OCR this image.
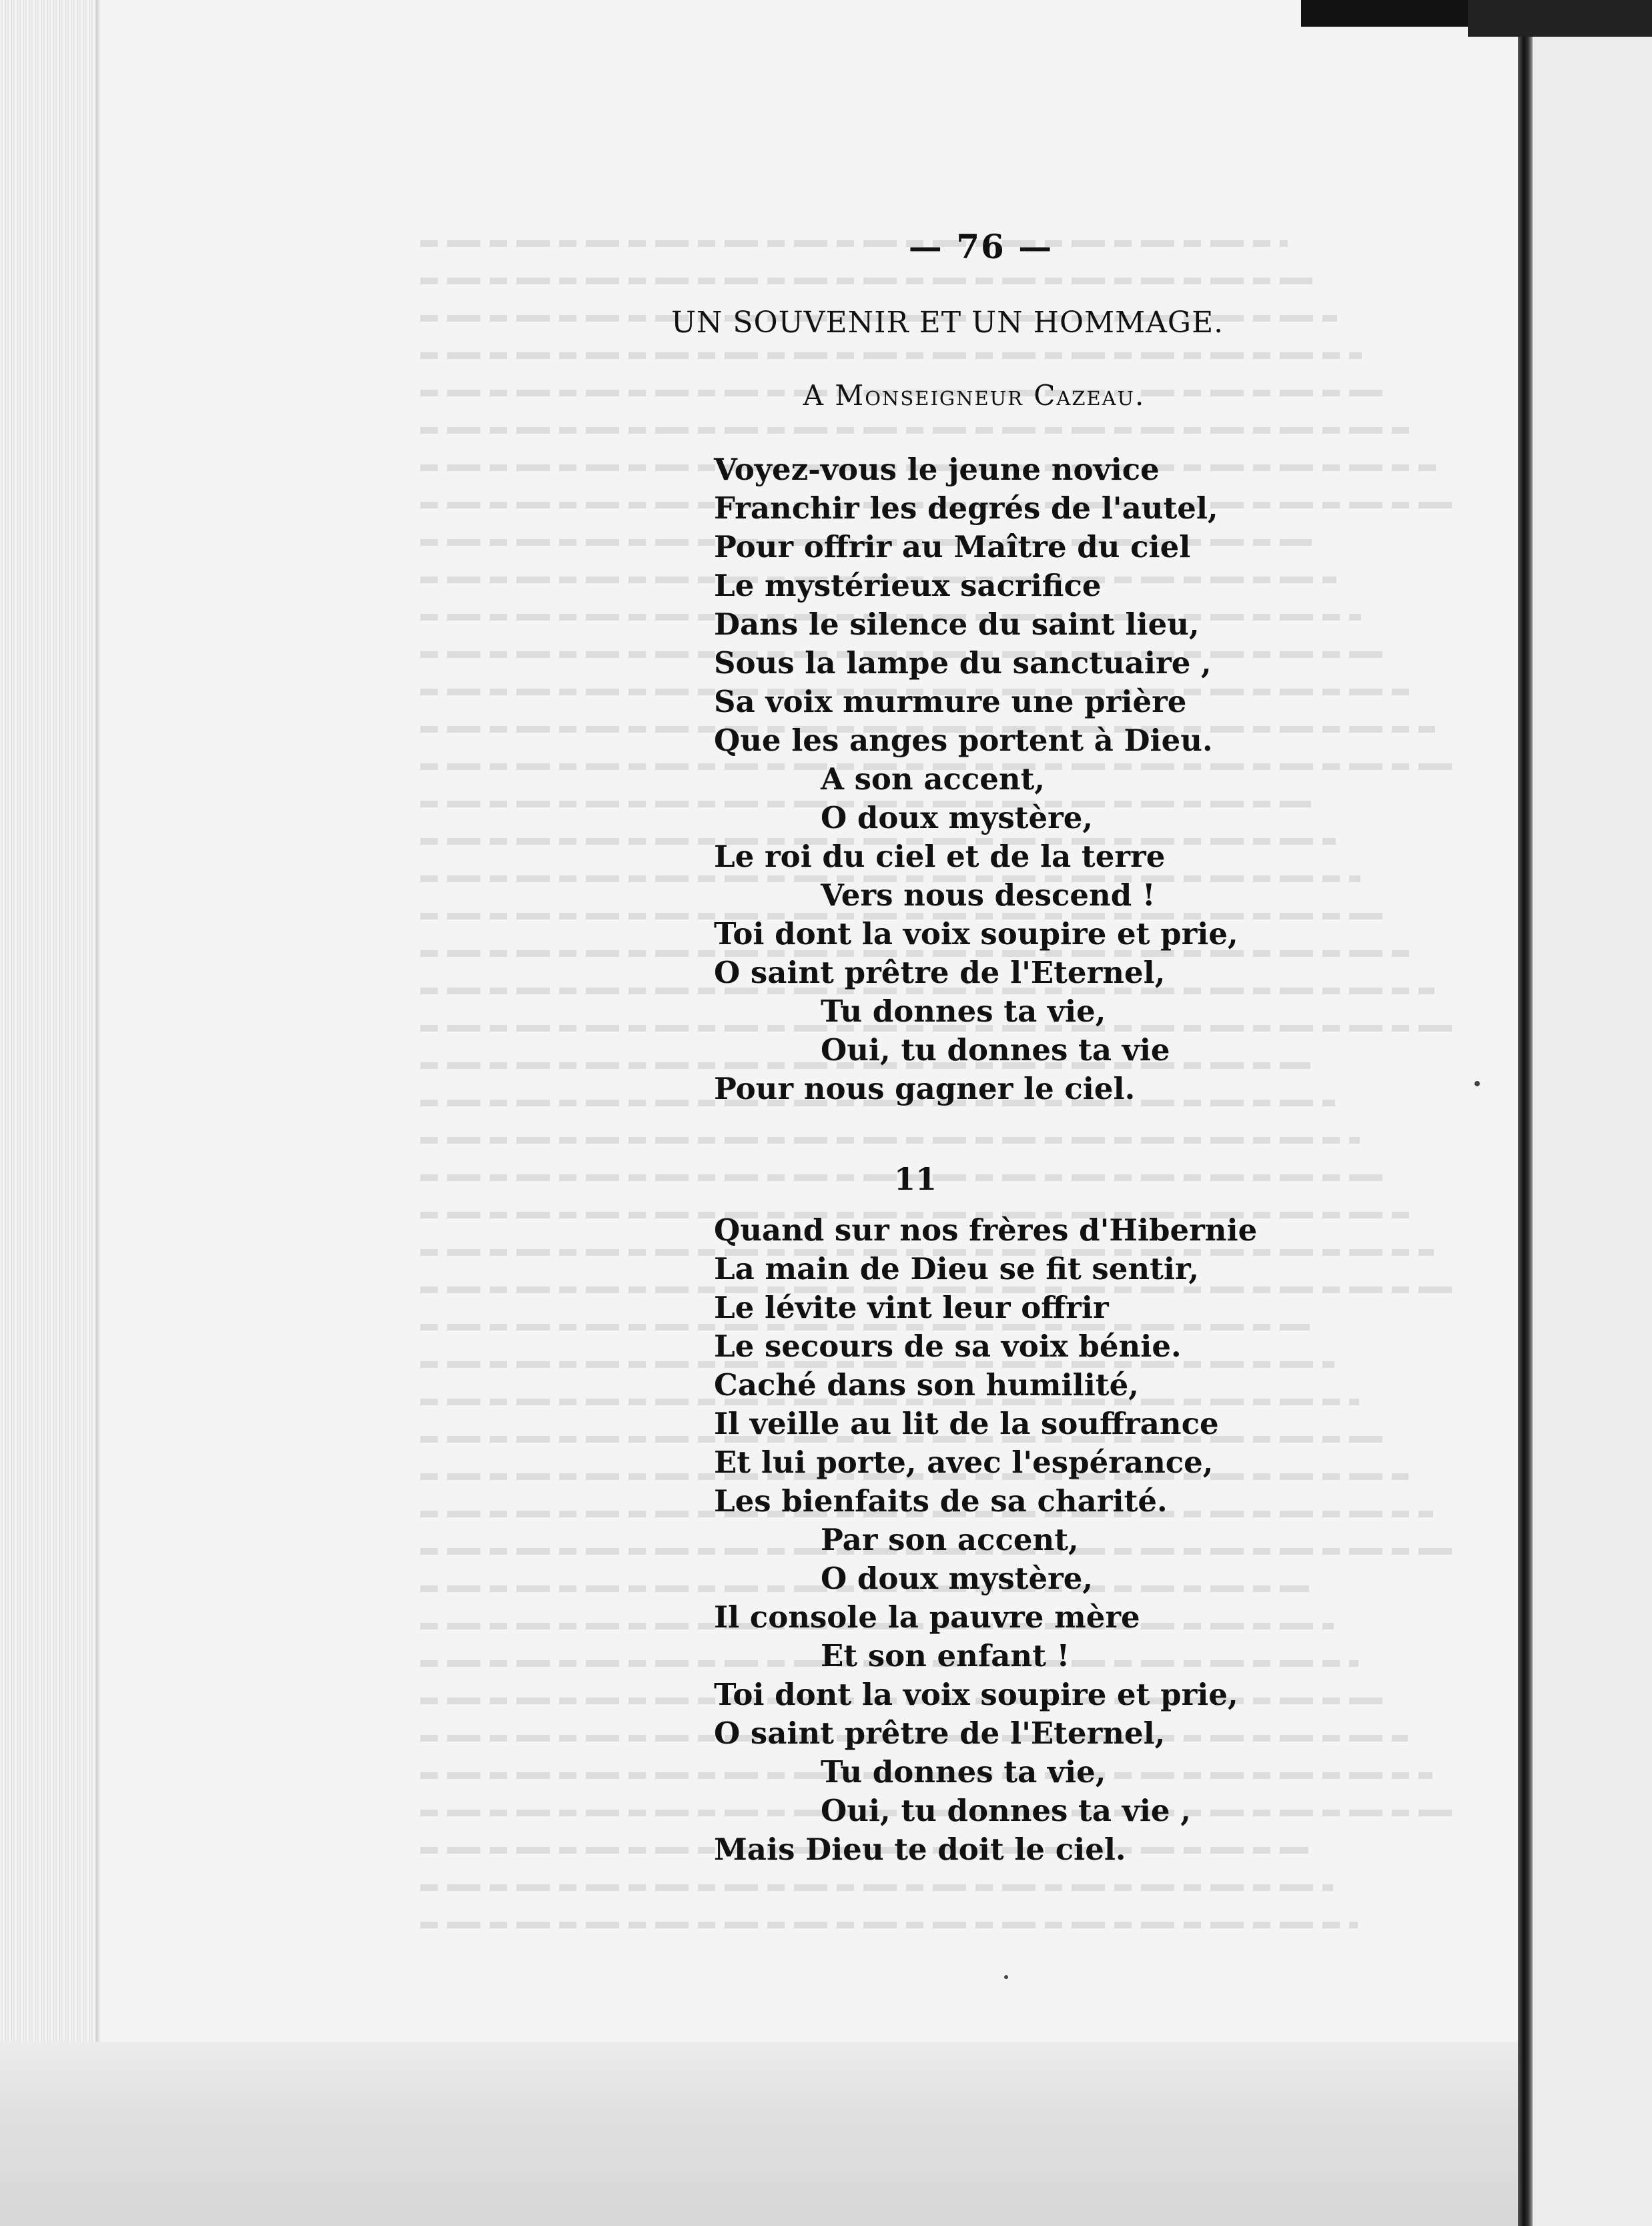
— 76 —
UN SOUVENIR ET UN HOMMAGE.
A Monseigneur Cazeau.
Voyez-vous le jeune novice
Franchir les degrés de l'autel,
Pour offrir au Maître du ciel
Le mystérieux sacrifice
Dans le silence du saint lieu,
Sous la lampe du sanctuaire ,
Sa voix murmure une prière
Que les anges portent à Dieu.
A son accent,
O doux mystère,
Le roi du ciel et de la terre
Vers nous descend !
Toi dont la voix soupire et prie,
O saint prêtre de l'Eternel,
Tu donnes ta vie,
Oui, tu donnes ta vie
Pour nous gagner le ciel.
11
Quand sur nos frères d'Hibernie
La main de Dieu se fit sentir,
Le lévite vint leur offrir
Le secours de sa voix bénie.
Caché dans son humilité,
Il veille au lit de la souffrance
Et lui porte, avec l'espérance,
Les bienfaits de sa charité.
Par son accent,
O doux mystère,
Il console la pauvre mère
Et son enfant !
Toi dont la voix soupire et prie,
O saint prêtre de l'Eternel,
Tu donnes ta vie,
Oui, tu donnes ta vie ,
Mais Dieu te doit le ciel.
